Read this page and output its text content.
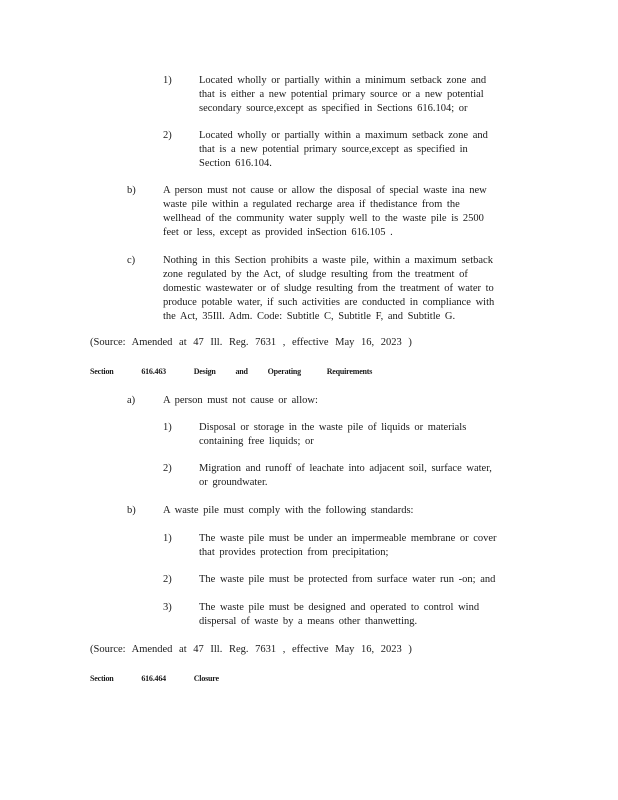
1)	Located wholly or partially within a minimum setback zone and
that is either a new potential primary source or a new potential
secondary source,except as specified in Sections 616.104; or
2)	Located wholly or partially within a maximum setback zone and
that is a new potential primary source,except as specified in
Section 616.104.
b)	A person must not cause or allow the disposal of special waste ina new
waste pile within a regulated recharge area if thedistance from the
wellhead of the community water supply well to the waste pile is 2500
feet or less, except as provided inSection 616.105 .
c)	Nothing in this Section prohibits a waste pile, within a maximum setback
zone regulated by the Act, of sludge resulting from the treatment of
domestic wastewater or of sludge resulting from the treatment of water to
produce potable water, if such activities are conducted in compliance with
the Act, 35Ill. Adm. Code: Subtitle C, Subtitle F, and Subtitle G.
(Source: Amended at 47 Ill. Reg. 7631 , effective May 16, 2023 )
Section	616.463	Design and Operating	Requirements
a)	A person must not cause or allow:
1)	Disposal or storage in the waste pile of liquids or materials
containing free liquids; or
2)	Migration and runoff of leachate into adjacent soil, surface water,
or groundwater.
b)	A waste pile must comply with the following standards:
1)	The waste pile must be under an impermeable membrane or cover
that provides protection from precipitation;
2)	The waste pile must be protected from surface water run -on; and
3)	The waste pile must be designed and operated to control wind
dispersal of waste by a means other thanwetting.
(Source: Amended at 47 Ill. Reg. 7631 , effective May 16, 2023 )
Section	616.464	Closure
